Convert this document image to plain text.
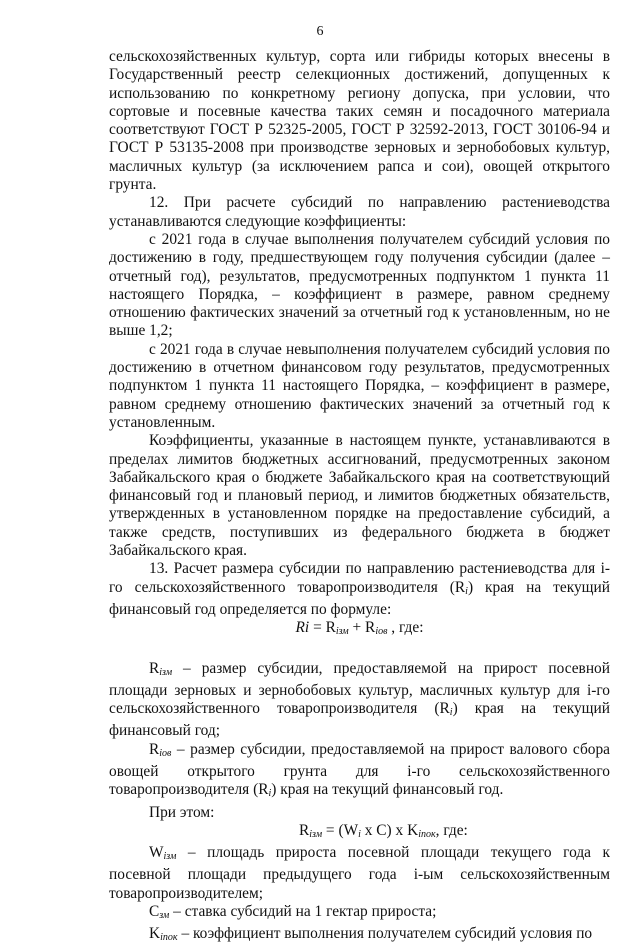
6

сельскохозяйственных культур, сорта или гибриды которых внесены в Государственный реестр селекционных достижений, допущенных к использованию по конкретному региону допуска, при условии, что сортовые и посевные качества таких семян и посадочного материала соответствуют ГОСТ Р 52325-2005, ГОСТ Р 32592-2013, ГОСТ 30106-94 и ГОСТ Р 53135-2008 при производстве зерновых и зернобобовых культур, масличных культур (за исключением рапса и сои), овощей открытого грунта.

12. При расчете субсидий по направлению растениеводства устанавливаются следующие коэффициенты:

с 2021 года в случае выполнения получателем субсидий условия по достижению в году, предшествующем году получения субсидии (далее – отчетный год), результатов, предусмотренных подпунктом 1 пункта 11 настоящего Порядка, – коэффициент в размере, равном среднему отношению фактических значений за отчетный год к установленным, но не выше 1,2;

с 2021 года в случае невыполнения получателем субсидий условия по достижению в отчетном финансовом году результатов, предусмотренных подпунктом 1 пункта 11 настоящего Порядка, – коэффициент в размере, равном среднему отношению фактических значений за отчетный год к установленным.

Коэффициенты, указанные в настоящем пункте, устанавливаются в пределах лимитов бюджетных ассигнований, предусмотренных законом Забайкальского края о бюджете Забайкальского края на соответствующий финансовый год и плановый период, и лимитов бюджетных обязательств, утвержденных в установленном порядке на предоставление субсидий, а также средств, поступивших из федерального бюджета в бюджет Забайкальского края.

13. Расчет размера субсидии по направлению растениеводства для i-го сельскохозяйственного товаропроизводителя $(R_i)$ края на текущий финансовый год определяется по формуле:

$Ri = R_{iзм} + R_{iов}$ , где:

$R_{iзм}$ – размер субсидии, предоставляемой на прирост посевной площади зерновых и зернобобовых культур, масличных культур для i-го сельскохозяйственного товаропроизводителя $(R_i)$ края на текущий финансовый год;

$R_{iов}$ – размер субсидии, предоставляемой на прирост валового сбора овощей открытого грунта для i-го сельскохозяйственного товаропроизводителя $(R_i)$ края на текущий финансовый год.

При этом:

$R_{iзм} = (W_i$ x C) x $K_{iпок}$, где:

$W_{iзм}$ – площадь прироста посевной площади текущего года к посевной площади предыдущего года i-ым сельскохозяйственным товаропроизводителем;

$C_{зм}$ – ставка субсидий на 1 гектар прироста;

$K_{iпок}$ – коэффициент выполнения получателем субсидий условия по
